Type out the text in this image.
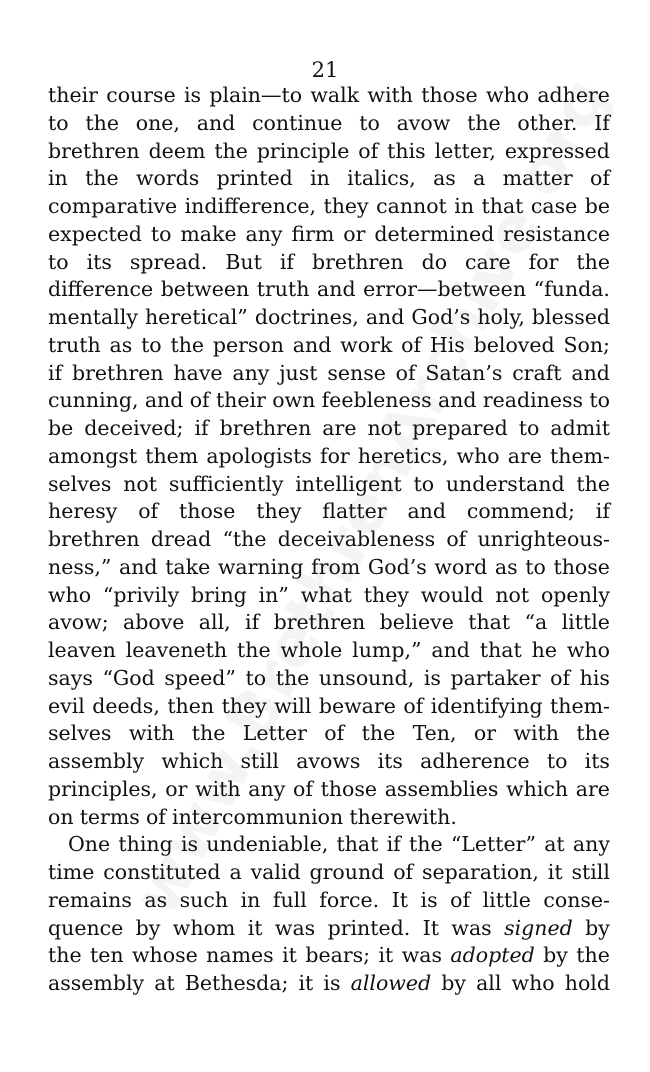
21
their course is plain—to walk with those who adhere
to the one, and continue to avow the other. If
brethren deem the principle of this letter, expressed
in the words printed in italics, as a matter of
comparative indifference, they cannot in that case be
expected to make any firm or determined resistance
to its spread. But if brethren do care for the
difference between truth and error—between “funda.
mentally heretical” doctrines, and God’s holy, blessed
truth as to the person and work of His beloved Son;
if brethren have any just sense of Satan’s craft and
cunning, and of their own feebleness and readiness to
be deceived; if brethren are not prepared to admit
amongst them apologists for heretics, who are them-
selves not sufficiently intelligent to understand the
heresy of those they flatter and commend; if
brethren dread “the deceivableness of unrighteous-
ness,” and take warning from God’s word as to those
who “privily bring in” what they would not openly
avow; above all, if brethren believe that “a little
leaven leaveneth the whole lump,” and that he who
says “God speed” to the unsound, is partaker of his
evil deeds, then they will beware of identifying them-
selves with the Letter of the Ten, or with the
assembly which still avows its adherence to its
principles, or with any of those assemblies which are
on terms of intercommunion therewith.
One thing is undeniable, that if the “Letter” at any
time constituted a valid ground of separation, it still
remains as such in full force. It is of little conse-
quence by whom it was printed. It was signed by
the ten whose names it bears; it was adopted by the
assembly at Bethesda; it is allowed by all who hold
